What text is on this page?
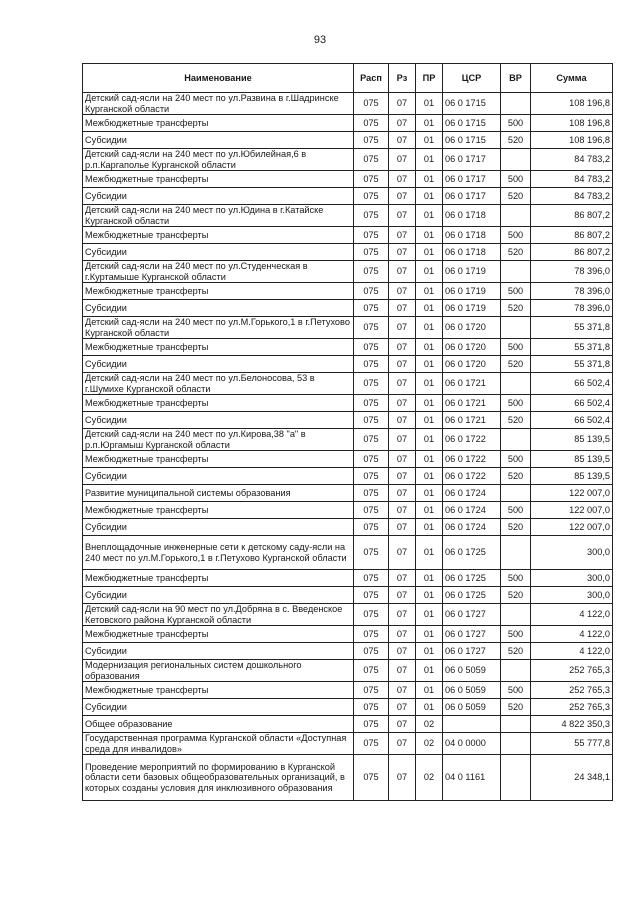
93
Наименование	Расп	Рз	ПР	ЦСР	ВР	Сумма
Детский сад-ясли на 240 мест по ул.Развина в г.Шадринске Курганской области	075	07	01	06 0 1715		108 196,8
Межбюджетные трансферты	075	07	01	06 0 1715	500	108 196,8
Субсидии	075	07	01	06 0 1715	520	108 196,8
Детский сад-ясли на 240 мест по ул.Юбилейная,6 в р.п.Каргаполье Курганской области	075	07	01	06 0 1717		84 783,2
Межбюджетные трансферты	075	07	01	06 0 1717	500	84 783,2
Субсидии	075	07	01	06 0 1717	520	84 783,2
Детский сад-ясли на 240 мест по ул.Юдина в г.Катайске Курганской области	075	07	01	06 0 1718		86 807,2
Межбюджетные трансферты	075	07	01	06 0 1718	500	86 807,2
Субсидии	075	07	01	06 0 1718	520	86 807,2
Детский сад-ясли на 240 мест по ул.Студенческая в г.Куртамыше Курганской области	075	07	01	06 0 1719		78 396,0
Межбюджетные трансферты	075	07	01	06 0 1719	500	78 396,0
Субсидии	075	07	01	06 0 1719	520	78 396,0
Детский сад-ясли на 240 мест по ул.М.Горького,1 в г.Петухово Курганской области	075	07	01	06 0 1720		55 371,8
Межбюджетные трансферты	075	07	01	06 0 1720	500	55 371,8
Субсидии	075	07	01	06 0 1720	520	55 371,8
Детский сад-ясли на 240 мест по ул.Белоносова, 53 в г.Шумихе Курганской области	075	07	01	06 0 1721		66 502,4
Межбюджетные трансферты	075	07	01	06 0 1721	500	66 502,4
Субсидии	075	07	01	06 0 1721	520	66 502,4
Детский сад-ясли на 240 мест по ул.Кирова,38 "а" в р.п.Юргамыш Курганской области	075	07	01	06 0 1722		85 139,5
Межбюджетные трансферты	075	07	01	06 0 1722	500	85 139,5
Субсидии	075	07	01	06 0 1722	520	85 139,5
Развитие муниципальной системы образования	075	07	01	06 0 1724		122 007,0
Межбюджетные трансферты	075	07	01	06 0 1724	500	122 007,0
Субсидии	075	07	01	06 0 1724	520	122 007,0
Внеплощадочные инженерные сети к детскому саду-ясли на 240 мест по ул.М.Горького,1 в г.Петухово Курганской области	075	07	01	06 0 1725		300,0
Межбюджетные трансферты	075	07	01	06 0 1725	500	300,0
Субсидии	075	07	01	06 0 1725	520	300,0
Детский сад-ясли на 90 мест по ул.Добряна в с. Введенское Кетовского района Курганской области	075	07	01	06 0 1727		4 122,0
Межбюджетные трансферты	075	07	01	06 0 1727	500	4 122,0
Субсидии	075	07	01	06 0 1727	520	4 122,0
Модернизация региональных систем дошкольного образования	075	07	01	06 0 5059		252 765,3
Межбюджетные трансферты	075	07	01	06 0 5059	500	252 765,3
Субсидии	075	07	01	06 0 5059	520	252 765,3
Общее образование	075	07	02			4 822 350,3
Государственная программа Курганской области «Доступная среда для инвалидов»	075	07	02	04 0 0000		55 777,8
Проведение мероприятий по формированию в Курганской области сети базовых общеобразовательных организаций, в которых созданы условия для инклюзивного образования	075	07	02	04 0 1161		24 348,1
